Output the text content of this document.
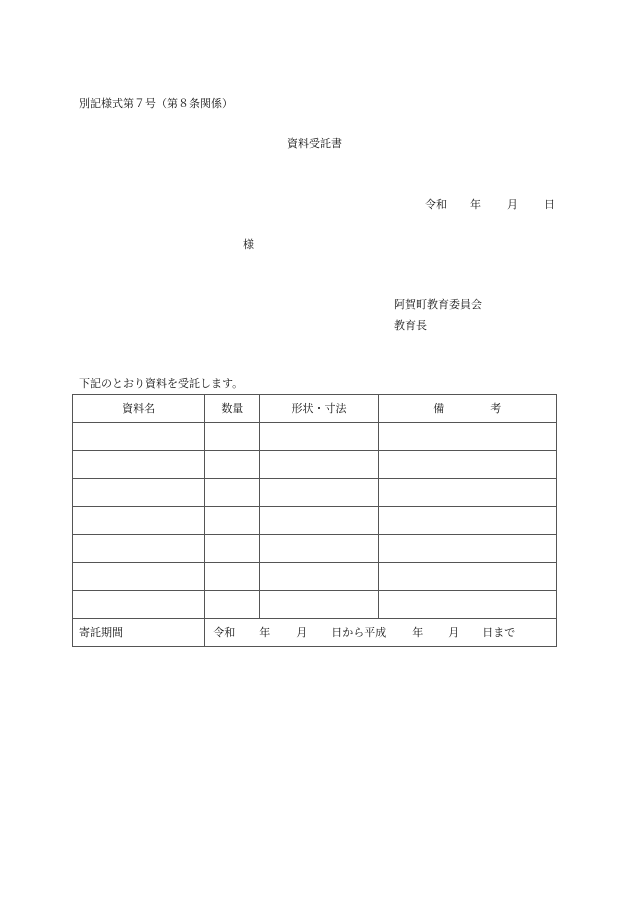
別記様式第７号（第８条関係）
資料受託書
令和	年	月	日
様
阿賀町教育委員会
教育長
下記のとおり資料を受託します。
資料名	数量	形状・寸法	備 考

寄託期間	令和 年 月 日から平成 年 月 日まで		
